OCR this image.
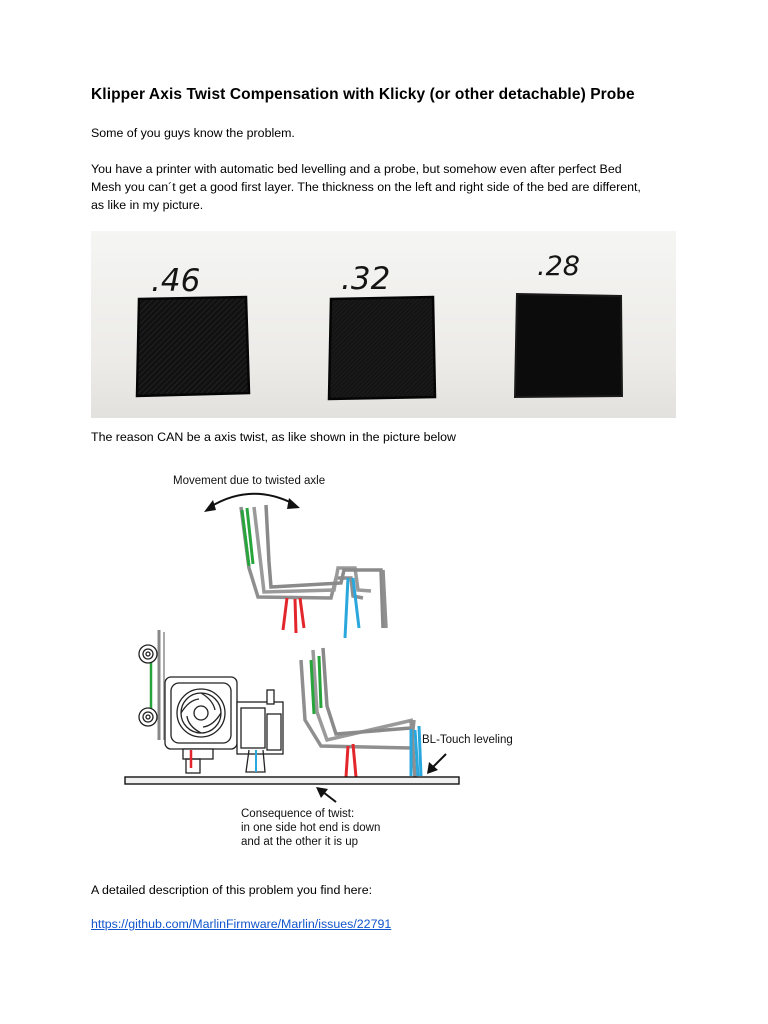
Klipper Axis Twist Compensation with Klicky (or other detachable) Probe
Some of you guys know the problem.
You have a printer with automatic bed levelling and a probe, but somehow even after perfect Bed
Mesh you can´t get a good first layer. The thickness on the left and right side of the bed are different,
as like in my picture.
.46	.32	.28
The reason CAN be a axis twist, as like shown in the picture below
Movement due to twisted axle
BL-Touch leveling
Consequence of twist: in one side hot end is down and at the other it is up
A detailed description of this problem you find here:
https://github.com/MarlinFirmware/Marlin/issues/22791
